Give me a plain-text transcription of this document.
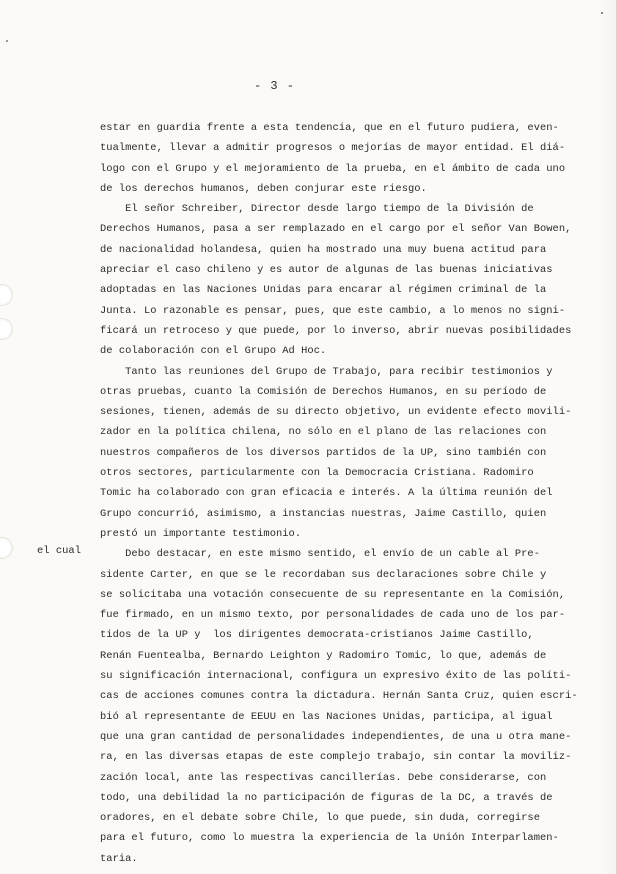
- 3 -
el cual
estar en guardia frente a esta tendencia, que en el futuro pudiera, even-
tualmente, llevar a admitir progresos o mejorías de mayor entidad. El diá-
logo con el Grupo y el mejoramiento de la prueba, en el ámbito de cada uno
de los derechos humanos, deben conjurar este riesgo.
El señor Schreiber, Director desde largo tiempo de la División de
Derechos Humanos, pasa a ser remplazado en el cargo por el señor Van Bowen,
de nacionalidad holandesa, quien ha mostrado una muy buena actitud para
apreciar el caso chileno y es autor de algunas de las buenas iniciativas
adoptadas en las Naciones Unidas para encarar al régimen criminal de la
Junta. Lo razonable es pensar, pues, que este cambio, a lo menos no signi-
ficará un retroceso y que puede, por lo inverso, abrir nuevas posibilidades
de colaboración con el Grupo Ad Hoc.
Tanto las reuniones del Grupo de Trabajo, para recibir testimonios y
otras pruebas, cuanto la Comisión de Derechos Humanos, en su período de
sesiones, tienen, además de su directo objetivo, un evidente efecto movili-
zador en la política chilena, no sólo en el plano de las relaciones con
nuestros compañeros de los diversos partidos de la UP, sino también con
otros sectores, particularmente con la Democracia Cristiana. Radomiro
Tomic ha colaborado con gran eficacia e interés. A la última reunión del
Grupo concurrió, asimismo, a instancias nuestras, Jaime Castillo, quien
prestó un importante testimonio.
Debo destacar, en este mismo sentido, el envío de un cable al Pre-
sidente Carter, en que se le recordaban sus declaraciones sobre Chile y
se solicitaba una votación consecuente de su representante en la Comisión,
fue firmado, en un mismo texto, por personalidades de cada uno de los par-
tidos de la UP y  los dirigentes democrata-cristianos Jaime Castillo,
Renán Fuentealba, Bernardo Leighton y Radomiro Tomic, lo que, además de
su significación internacional, configura un expresivo éxito de las políti-
cas de acciones comunes contra la dictadura. Hernán Santa Cruz, quien escri-
bió al representante de EEUU en las Naciones Unidas, participa, al igual
que una gran cantidad de personalidades independientes, de una u otra mane-
ra, en las diversas etapas de este complejo trabajo, sin contar la moviliz-
zación local, ante las respectivas cancillerías. Debe considerarse, con
todo, una debilidad la no participación de figuras de la DC, a través de
oradores, en el debate sobre Chile, lo que puede, sin duda, corregirse
para el futuro, como lo muestra la experiencia de la Unión Interparlamen-
taria.
